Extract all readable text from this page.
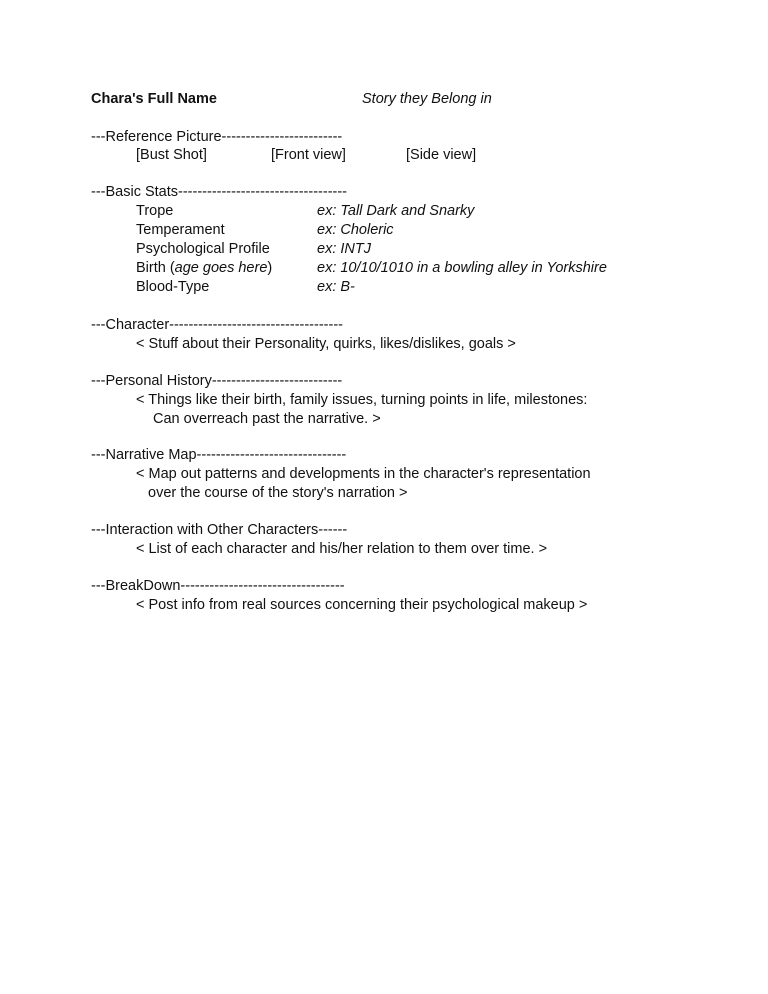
Chara's Full Name	Story they Belong in
---Reference Picture-------------------------
[Bust Shot]	[Front view]	[Side view]
---Basic Stats-----------------------------------
Trope	ex: Tall Dark and Snarky
Temperament	ex: Choleric
Psychological Profile	ex: INTJ
Birth (age goes here)	ex: 10/10/1010 in a bowling alley in Yorkshire
Blood-Type	ex: B-
---Character------------------------------------
< Stuff about their Personality, quirks, likes/dislikes, goals >
---Personal History---------------------------
< Things like their birth, family issues, turning points in life, milestones:
Can overreach past the narrative. >
---Narrative Map-------------------------------
< Map out patterns and developments in the character's representation
over the course of the story's narration >
---Interaction with Other Characters------
< List of each character and his/her relation to them over time. >
---BreakDown----------------------------------
< Post info from real sources concerning their psychological makeup >
